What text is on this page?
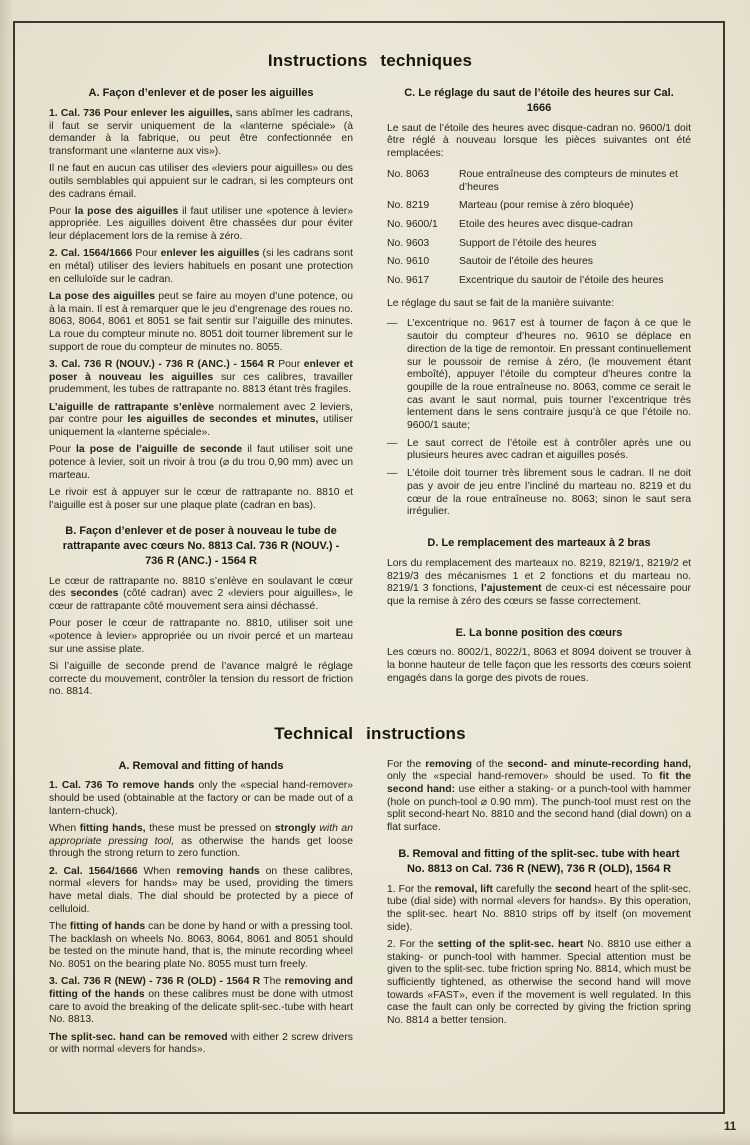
Instructions techniques
A. Façon d’enlever et de poser les aiguilles

1. Cal. 736 Pour enlever les aiguilles, sans abîmer les cadrans, il faut se servir uniquement de la «lanterne spéciale» (à demander à la fabrique, ou peut être confectionnée en transformant une «lanterne aux vis»).

Il ne faut en aucun cas utiliser des «leviers pour aiguilles» ou des outils semblables qui appuient sur le cadran, si les compteurs ont des cadrans émail.

Pour la pose des aiguilles il faut utiliser une «potence à levier» appropriée. Les aiguilles doivent être chassées dur pour éviter leur déplacement lors de la remise à zéro.

2. Cal. 1564/1666 Pour enlever les aiguilles (si les cadrans sont en métal) utiliser des leviers habituels en posant une protection en celluloïde sur le cadran.

La pose des aiguilles peut se faire au moyen d’une potence, ou à la main. Il est à remarquer que le jeu d’engrenage des roues no. 8063, 8064, 8061 et 8051 se fait sentir sur l’aiguille des minutes. La roue du compteur minute no. 8051 doit tourner librement sur le support de roue du compteur de minutes no. 8055.

3. Cal. 736 R (NOUV.) - 736 R (ANC.) - 1564 R Pour enlever et poser à nouveau les aiguilles sur ces calibres, travailler prudemment, les tubes de rattrapante no. 8813 étant très fragiles.

L’aiguille de rattrapante s’enlève normalement avec 2 leviers, par contre pour les aiguilles de secondes et minutes, utiliser uniquement la «lanterne spéciale».

Pour la pose de l’aiguille de seconde il faut utiliser soit une potence à levier, soit un rivoir à trou (⌀ du trou 0,90 mm) avec un marteau.

Le rivoir est à appuyer sur le cœur de rattrapante no. 8810 et l’aiguille est à poser sur une plaque plate (cadran en bas).

B. Façon d’enlever et de poser à nouveau le tube de rattrapante avec cœurs No. 8813 Cal. 736 R (NOUV.) - 736 R (ANC.) - 1564 R

Le cœur de rattrapante no. 8810 s’enlève en soulavant le cœur des secondes (côté cadran) avec 2 «leviers pour aiguilles», le cœur de rattrapante côté mouvement sera ainsi déchassé.

Pour poser le cœur de rattrapante no. 8810, utiliser soit une «potence à levier» appropriée ou un rivoir percé et un marteau sur une assise plate.

Si l’aiguille de seconde prend de l’avance malgré le réglage correcte du mouvement, contrôler la tension du ressort de friction no. 8814.

C. Le réglage du saut de l’étoile des heures sur Cal. 1666

Le saut de l’étoile des heures avec disque-cadran no. 9600/1 doit être réglé à nouveau lorsque les pièces suivantes ont été remplacées:

No. 8063	Roue entraîneuse des compteurs de minutes et d’heures
No. 8219	Marteau (pour remise à zéro bloquée)
No. 9600/1	Etoile des heures avec disque-cadran
No. 9603	Support de l’étoile des heures
No. 9610	Sautoir de l’étoile des heures
No. 9617	Excentrique du sautoir de l’étoile des heures

Le réglage du saut se fait de la manière suivante:

— L’excentrique no. 9617 est à tourner de façon à ce que le sautoir du compteur d’heures no. 9610 se déplace en direction de la tige de remontoir. En pressant continuellement sur le poussoir de remise à zéro, (le mouvement étant emboîté), appuyer l’étoile du compteur d’heures contre la goupille de la roue entraîneuse no. 8063, comme ce serait le cas avant le saut normal, puis tourner l’excentrique très lentement dans le sens contraire jusqu’à ce que l’étoile no. 9600/1 saute;
— Le saut correct de l’étoile est à contrôler après une ou plusieurs heures avec cadran et aiguilles posés.
— L’étoile doit tourner très librement sous le cadran. Il ne doit pas y avoir de jeu entre l’incliné du marteau no. 8219 et du cœur de la roue entraîneuse no. 8063; sinon le saut sera irrégulier.
D. Le remplacement des marteaux à 2 bras

Lors du remplacement des marteaux no. 8219, 8219/1, 8219/2 et 8219/3 des mécanismes 1 et 2 fonctions et du marteau no. 8219/1 3 fonctions, l’ajustement de ceux-ci est nécessaire pour que la remise à zéro des cœurs se fasse correctement.

E. La bonne position des cœurs

Les cœurs no. 8002/1, 8022/1, 8063 et 8094 doivent se trouver à la bonne hauteur de telle façon que les ressorts des cœurs soient engagés dans la gorge des pivots de roues.

Technical instructions
A. Removal and fitting of hands

1. Cal. 736 To remove hands only the «special hand-remover» should be used (obtainable at the factory or can be made out of a lantern-chuck).

When fitting hands, these must be pressed on strongly with an appropriate pressing tool, as otherwise the hands get loose through the strong return to zero function.

2. Cal. 1564/1666 When removing hands on these calibres, normal «levers for hands» may be used, providing the timers have metal dials. The dial should be protected by a piece of celluloid.

The fitting of hands can be done by hand or with a pressing tool. The backlash on wheels No. 8063, 8064, 8061 and 8051 should be tested on the minute hand, that is, the minute recording wheel No. 8051 on the bearing plate No. 8055 must turn freely.

3. Cal. 736 R (NEW) - 736 R (OLD) - 1564 R The removing and fitting of the hands on these calibres must be done with utmost care to avoid the breaking of the delicate split-sec.-tube with heart No. 8813.

The split-sec. hand can be removed with either 2 screw drivers or with normal «levers for hands».

For the removing of the second- and minute-recording hand, only the «special hand-remover» should be used. To fit the second hand: use either a staking- or a punch-tool with hammer (hole on punch-tool ⌀ 0.90 mm). The punch-tool must rest on the split second-heart No. 8810 and the second hand (dial down) on a flat surface.

B. Removal and fitting of the split-sec. tube with heart No. 8813 on Cal. 736 R (NEW), 736 R (OLD), 1564 R

1. For the removal, lift carefully the second heart of the split-sec. tube (dial side) with normal «levers for hands». By this operation, the split-sec. heart No. 8810 strips off by itself (on movement side).

2. For the setting of the split-sec. heart No. 8810 use either a staking- or punch-tool with hammer. Special attention must be given to the split-sec. tube friction spring No. 8814, which must be sufficiently tightened, as otherwise the second hand will move towards «FAST», even if the movement is well regulated. In this case the fault can only be corrected by giving the friction spring No. 8814 a better tension.

11
